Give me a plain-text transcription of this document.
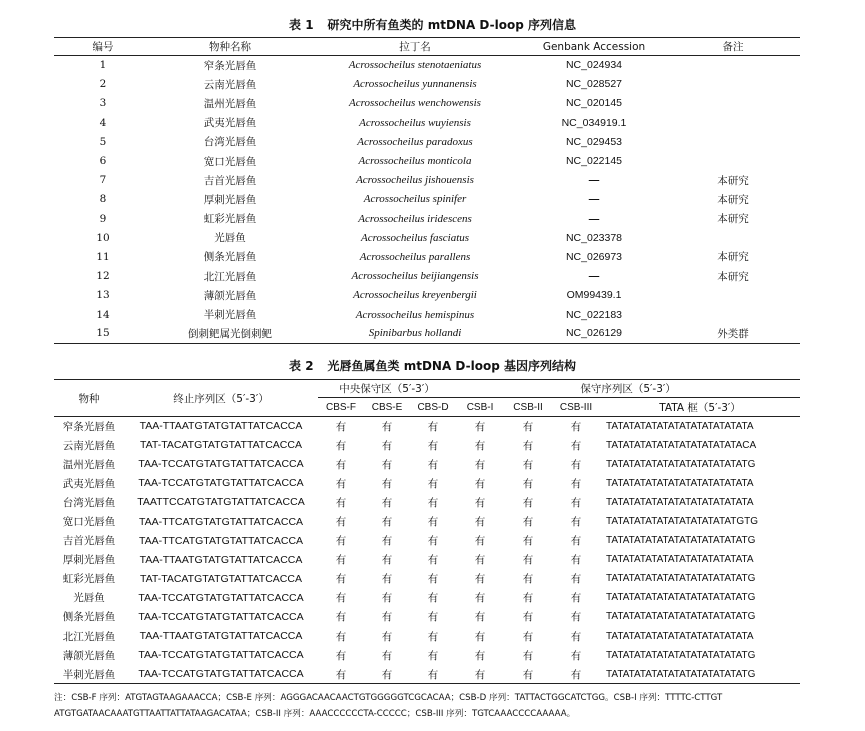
表 1 研究中所有鱼类的 mtDNA D-loop 序列信息
编号	物种名称	拉丁名	Genbank Accession	备注
1	窄条光唇鱼	Acrossocheilus stenotaeniatus	NC_024934	
2	云南光唇鱼	Acrossocheilus yunnanensis	NC_028527	
3	温州光唇鱼	Acrossocheilus wenchowensis	NC_020145	
4	武夷光唇鱼	Acrossocheilus wuyiensis	NC_034919.1	
5	台湾光唇鱼	Acrossocheilus paradoxus	NC_029453	
6	宽口光唇鱼	Acrossocheilus monticola	NC_022145	
7	吉首光唇鱼	Acrossocheilus jishouensis	—	本研究
8	厚刺光唇鱼	Acrossocheilus spinifer	—	本研究
9	虹彩光唇鱼	Acrossocheilus iridescens	—	本研究
10	光唇鱼	Acrossocheilus fasciatus	NC_023378	
11	侧条光唇鱼	Acrossocheilus parallens	NC_026973	本研究
12	北江光唇鱼	Acrossocheilus beijiangensis	—	本研究
13	薄颌光唇鱼	Acrossocheilus kreyenbergii	OM99439.1	
14	半刺光唇鱼	Acrossocheilus hemispinus	NC_022183	
15	倒刺鲃属光倒刺鲃	Spinibarbus hollandi	NC_026129	外类群
表 2 光唇鱼属鱼类 mtDNA D-loop 基因序列结构
物种	终止序列区（5′-3′）	中央保守区（5′-3′）			保守序列区（5′-3′）			
		CBS-F	CBS-E	CBS-D	CSB-I	CSB-II	CSB-III	TATA 框（5′-3′）
窄条光唇鱼	TAA-TTAATGTATGTATTATCACCA	有	有	有	有	有	有	TATATATATATATATATATATATATA
云南光唇鱼	TAT-TACATGTATGTATTATCACCA	有	有	有	有	有	有	TATATATATATATATATATATATACA
温州光唇鱼	TAA-TCCATGTATGTATTATCACCA	有	有	有	有	有	有	TATATATATATATATATATATATATG
武夷光唇鱼	TAA-TCCATGTATGTATTATCACCA	有	有	有	有	有	有	TATATATATATATATATATATATATA
台湾光唇鱼	TAATTCCATGTATGTATTATCACCA	有	有	有	有	有	有	TATATATATATATATATATATATATA
宽口光唇鱼	TAA-TTCATGTATGTATTATCACCA	有	有	有	有	有	有	TATATATATATATATATATATATGTG
吉首光唇鱼	TAA-TTCATGTATGTATTATCACCA	有	有	有	有	有	有	TATATATATATATATATATATATATG
厚刺光唇鱼	TAA-TTAATGTATGTATTATCACCA	有	有	有	有	有	有	TATATATATATATATATATATATATA
虹彩光唇鱼	TAT-TACATGTATGTATTATCACCA	有	有	有	有	有	有	TATATATATATATATATATATATATG
光唇鱼	TAA-TCCATGTATGTATTATCACCA	有	有	有	有	有	有	TATATATATATATATATATATATATG
侧条光唇鱼	TAA-TCCATGTATGTATTATCACCA	有	有	有	有	有	有	TATATATATATATATATATATATATG
北江光唇鱼	TAA-TTAATGTATGTATTATCACCA	有	有	有	有	有	有	TATATATATATATATATATATATATA
薄颌光唇鱼	TAA-TCCATGTATGTATTATCACCA	有	有	有	有	有	有	TATATATATATATATATATATATATG
半刺光唇鱼	TAA-TCCATGTATGTATTATCACCA	有	有	有	有	有	有	TATATATATATATATATATATATATG
注：CSB-F 序列：ATGTAGTAAGAAACCA；CSB-E 序列：AGGGACAACAACTGTGGGGGTCGCACAA；CSB-D 序列：TATTACTGGCATCTGG。CSB-I 序列：TTTTC-CTTGT
ATGTGATAACAAATGTTAATTATTATAAGACATAA；CSB-II 序列：AAACCCCCCTA-CCCCC；CSB-III 序列：TGTCAAACCCCAAAAA。
